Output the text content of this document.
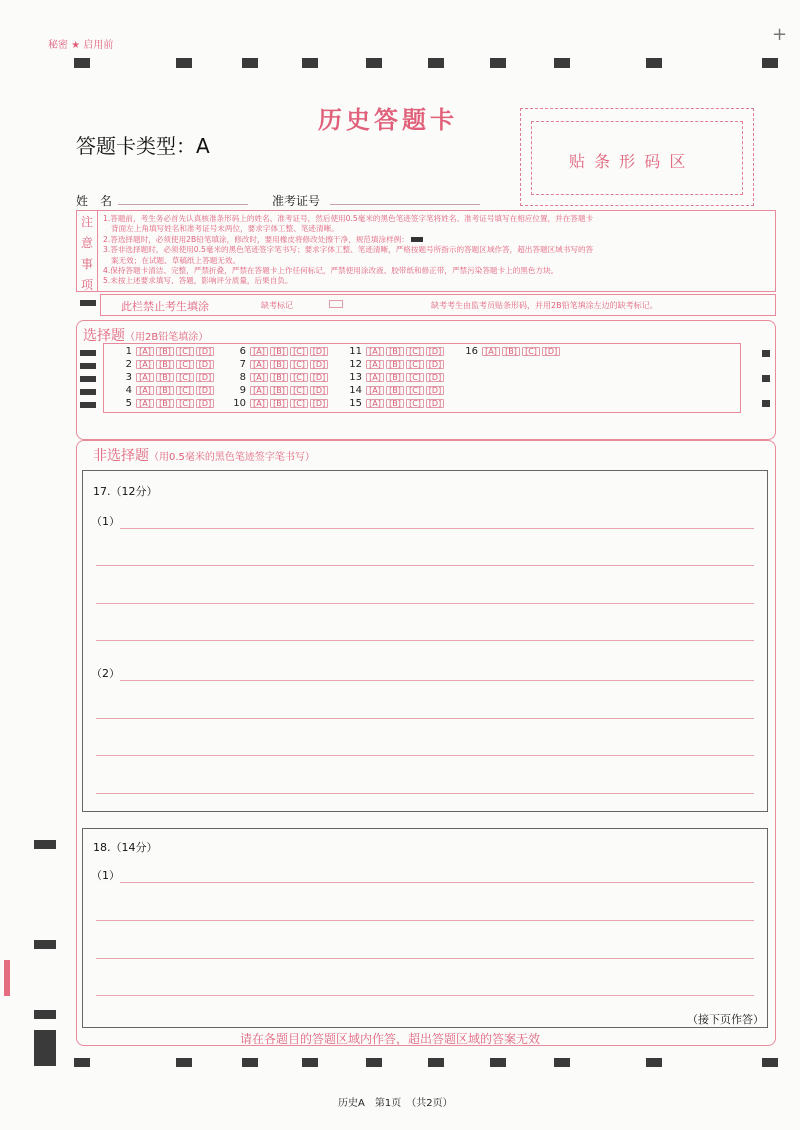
秘密 ★ 启用前
+
历史答题卡
答题卡类型：A
贴 条 形 码 区
姓　名	准考证号
注
意
事
项
1.答题前，考生务必首先认真核准条形码上的姓名、准考证号，然后使用0.5毫米的黑色笔迹签字笔将姓名、准考证号填写在相应位置，并在答题卡
背面左上角填写姓名和准考证号末两位，要求字体工整、笔迹清晰。
2.答选择题时，必须使用2B铅笔填涂，修改时，要用橡皮将修改处擦干净，规范填涂样例：
3.答非选择题时，必须使用0.5毫米的黑色笔迹签字笔书写；要求字体工整、笔迹清晰，严格按题号所指示的答题区域作答，超出答题区域书写的答
案无效；在试题、草稿纸上答题无效。
4.保持答题卡清洁、完整，严禁折叠，严禁在答题卡上作任何标记，严禁使用涂改液、胶带纸和修正带，严禁污染答题卡上的黑色方块。
5.未按上述要求填写、答题，影响评分质量，后果自负。
此栏禁止考生填涂	缺考标记	缺考考生由监考员贴条形码，并用2B铅笔填涂左边的缺考标记。
选择题（用2B铅笔填涂）
1 [A] [B] [C] [D]
2 [A] [B] [C] [D]
3 [A] [B] [C] [D]
4 [A] [B] [C] [D]
5 [A] [B] [C] [D]
6 [A] [B] [C] [D]
7 [A] [B] [C] [D]
8 [A] [B] [C] [D]
9 [A] [B] [C] [D]
10 [A] [B] [C] [D]
11 [A] [B] [C] [D]
12 [A] [B] [C] [D]
13 [A] [B] [C] [D]
14 [A] [B] [C] [D]
15 [A] [B] [C] [D]
16 [A] [B] [C] [D]
非选择题（用0.5毫米的黑色笔迹签字笔书写）
17.（12分）
（1）
（2）
18.（14分）
（1）
（接下页作答）
请在各题目的答题区域内作答，超出答题区域的答案无效
历史A　第1页　（共2页）
